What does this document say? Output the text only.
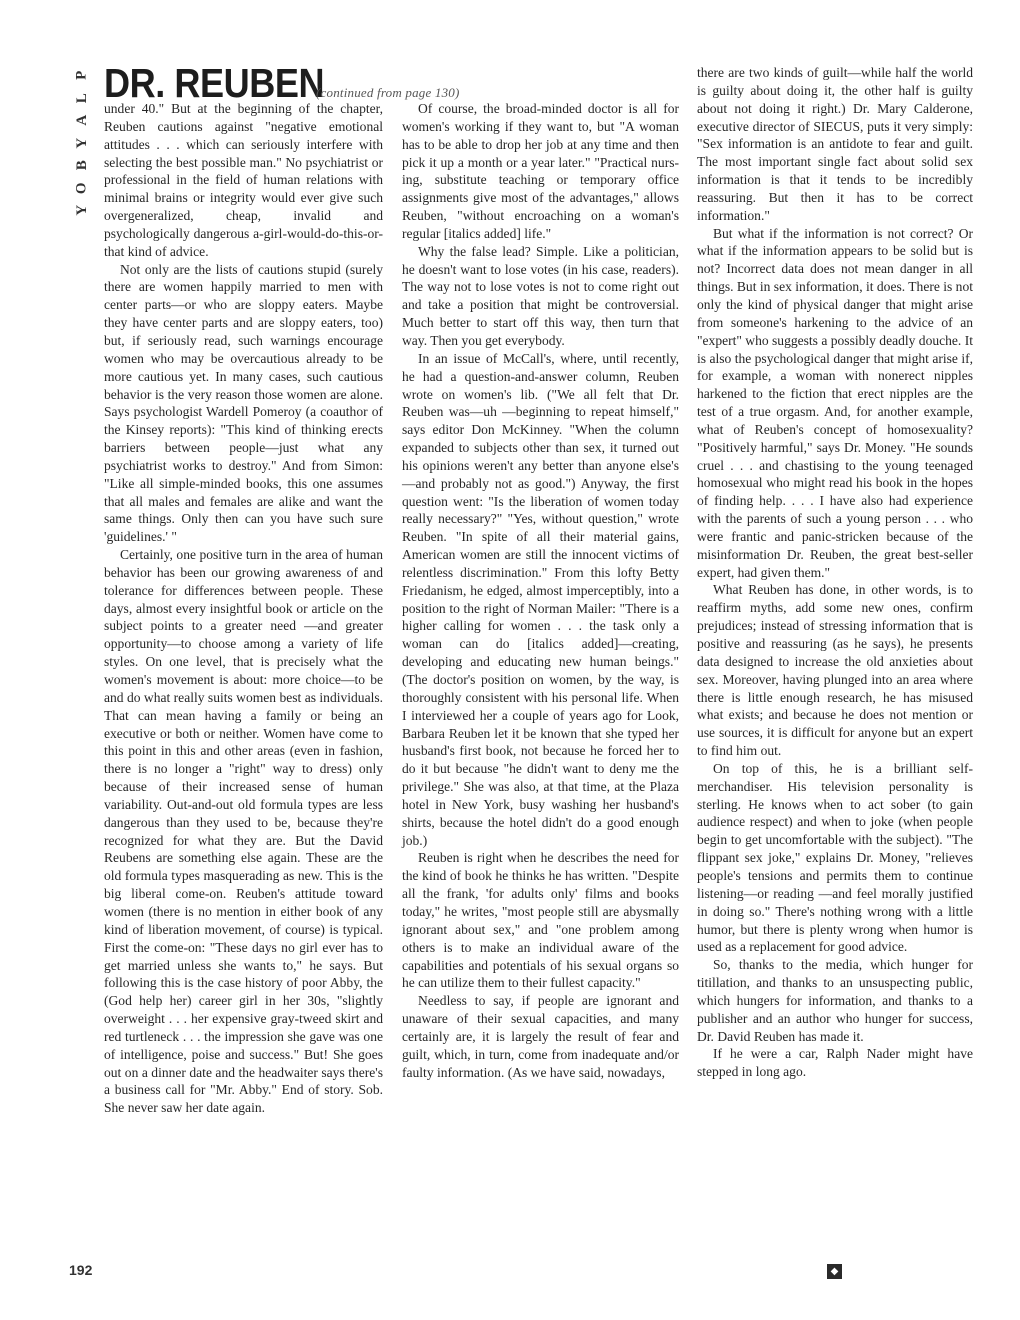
P
L
A
Y
B
O
Y
DR. REUBEN
(continued from page 130)

under 40." But at the beginning of the chapter, Reuben cautions against "negative emotional attitudes . . . which can seriously interfere with selecting the best possible man." No psychiatrist or professional in the field of human relations with minimal brains or integrity would ever give such overgeneralized, cheap, invalid and psychologically dangerous a-girl-would-do-this-or-that kind of advice.

Not only are the lists of cautions stupid (surely there are women happily married to men with center parts—or who are sloppy eaters. Maybe they have center parts and are sloppy eaters, too) but, if seriously read, such warnings encourage women who may be overcautious already to be more cautious yet. In many cases, such cautious behavior is the very reason those women are alone. Says psychologist Wardell Pomeroy (a coauthor of the Kinsey reports): "This kind of thinking erects barriers between people—just what any psychiatrist works to destroy." And from Simon: "Like all simple-minded books, this one assumes that all males and females are alike and want the same things. Only then can you have such sure 'guidelines.' "

Certainly, one positive turn in the area of human behavior has been our growing awareness of and tolerance for differences between people. These days, almost every insightful book or article on the subject points to a greater need —and greater opportunity—to choose among a variety of life styles. On one level, that is precisely what the women's movement is about: more choice—to be and do what really suits women best as individuals. That can mean having a family or being an executive or both or neither. Women have come to this point in this and other areas (even in fashion, there is no longer a "right" way to dress) only because of their increased sense of human variability. Out-and-out old formula types are less dangerous than they used to be, because they're recognized for what they are. But the David Reubens are something else again. These are the old formula types masquerading as new. This is the big liberal come-on. Reuben's attitude toward women (there is no mention in either book of any kind of liberation movement, of course) is typical. First the come-on: "These days no girl ever has to get married unless she wants to," he says. But following this is the case history of poor Abby, the (God help her) career girl in her 30s, "slightly overweight . . . her expensive gray-tweed skirt and red turtleneck . . . the impression she gave was one of intelligence, poise and success." But! She goes out on a dinner date and the headwaiter says there's a business call for "Mr. Abby." End of story. Sob. She never saw her date again.

Of course, the broad-minded doctor is all for women's working if they want to, but "A woman has to be able to drop her job at any time and then pick it up a month or a year later." "Practical nursing, substitute teaching or temporary office assignments give most of the advantages," allows Reuben, "without encroaching on a woman's regular [italics added] life."

Why the false lead? Simple. Like a politician, he doesn't want to lose votes (in his case, readers). The way not to lose votes is not to come right out and take a position that might be controversial. Much better to start off this way, then turn that way. Then you get everybody.

In an issue of McCall's, where, until recently, he had a question-and-answer column, Reuben wrote on women's lib. ("We all felt that Dr. Reuben was—uh —beginning to repeat himself," says editor Don McKinney. "When the column expanded to subjects other than sex, it turned out his opinions weren't any better than anyone else's—and probably not as good.") Anyway, the first question went: "Is the liberation of women today really necessary?" "Yes, without question," wrote Reuben. "In spite of all their material gains, American women are still the innocent victims of relentless discrimination." From this lofty Betty Friedanism, he edged, almost imperceptibly, into a position to the right of Norman Mailer: "There is a higher calling for women . . . the task only a woman can do [italics added]—creating, developing and educating new human beings." (The doctor's position on women, by the way, is thoroughly consistent with his personal life. When I interviewed her a couple of years ago for Look, Barbara Reuben let it be known that she typed her husband's first book, not because he forced her to do it but because "he didn't want to deny me the privilege." She was also, at that time, at the Plaza hotel in New York, busy washing her husband's shirts, because the hotel didn't do a good enough job.)

Reuben is right when he describes the need for the kind of book he thinks he has written. "Despite all the frank, 'for adults only' films and books today," he writes, "most people still are abysmally ignorant about sex," and "one problem among others is to make an individual aware of the capabilities and potentials of his sexual organs so he can utilize them to their fullest capacity."

Needless to say, if people are ignorant and unaware of their sexual capacities, and many certainly are, it is largely the result of fear and guilt, which, in turn, come from inadequate and/or faulty information. (As we have said, nowadays,

there are two kinds of guilt—while half the world is guilty about doing it, the other half is guilty about not doing it right.) Dr. Mary Calderone, executive director of SIECUS, puts it very simply: "Sex information is an antidote to fear and guilt. The most important single fact about solid sex information is that it tends to be incredibly reassuring. But then it has to be correct information."

But what if the information is not correct? Or what if the information appears to be solid but is not? Incorrect data does not mean danger in all things. But in sex information, it does. There is not only the kind of physical danger that might arise from someone's harkening to the advice of an "expert" who suggests a possibly deadly douche. It is also the psychological danger that might arise if, for example, a woman with nonerect nipples harkened to the fiction that erect nipples are the test of a true orgasm. And, for another example, what of Reuben's concept of homosexuality? "Positively harmful," says Dr. Money. "He sounds cruel . . . and chastising to the young teenaged homosexual who might read his book in the hopes of finding help. . . . I have also had experience with the parents of such a young person . . . who were frantic and panic-stricken because of the misinformation Dr. Reuben, the great best-seller expert, had given them."

What Reuben has done, in other words, is to reaffirm myths, add some new ones, confirm prejudices; instead of stressing information that is positive and reassuring (as he says), he presents data designed to increase the old anxieties about sex. Moreover, having plunged into an area where there is little enough research, he has misused what exists; and because he does not mention or use sources, it is difficult for anyone but an expert to find him out.

On top of this, he is a brilliant self-merchandiser. His television personality is sterling. He knows when to act sober (to gain audience respect) and when to joke (when people begin to get uncomfortable with the subject). "The flippant sex joke," explains Dr. Money, "relieves people's tensions and permits them to continue listening—or reading —and feel morally justified in doing so." There's nothing wrong with a little humor, but there is plenty wrong when humor is used as a replacement for good advice.

So, thanks to the media, which hunger for titillation, and thanks to an unsuspecting public, which hungers for information, and thanks to a publisher and an author who hunger for success, Dr. David Reuben has made it.

If he were a car, Ralph Nader might have stepped in long ago.

192	◆
